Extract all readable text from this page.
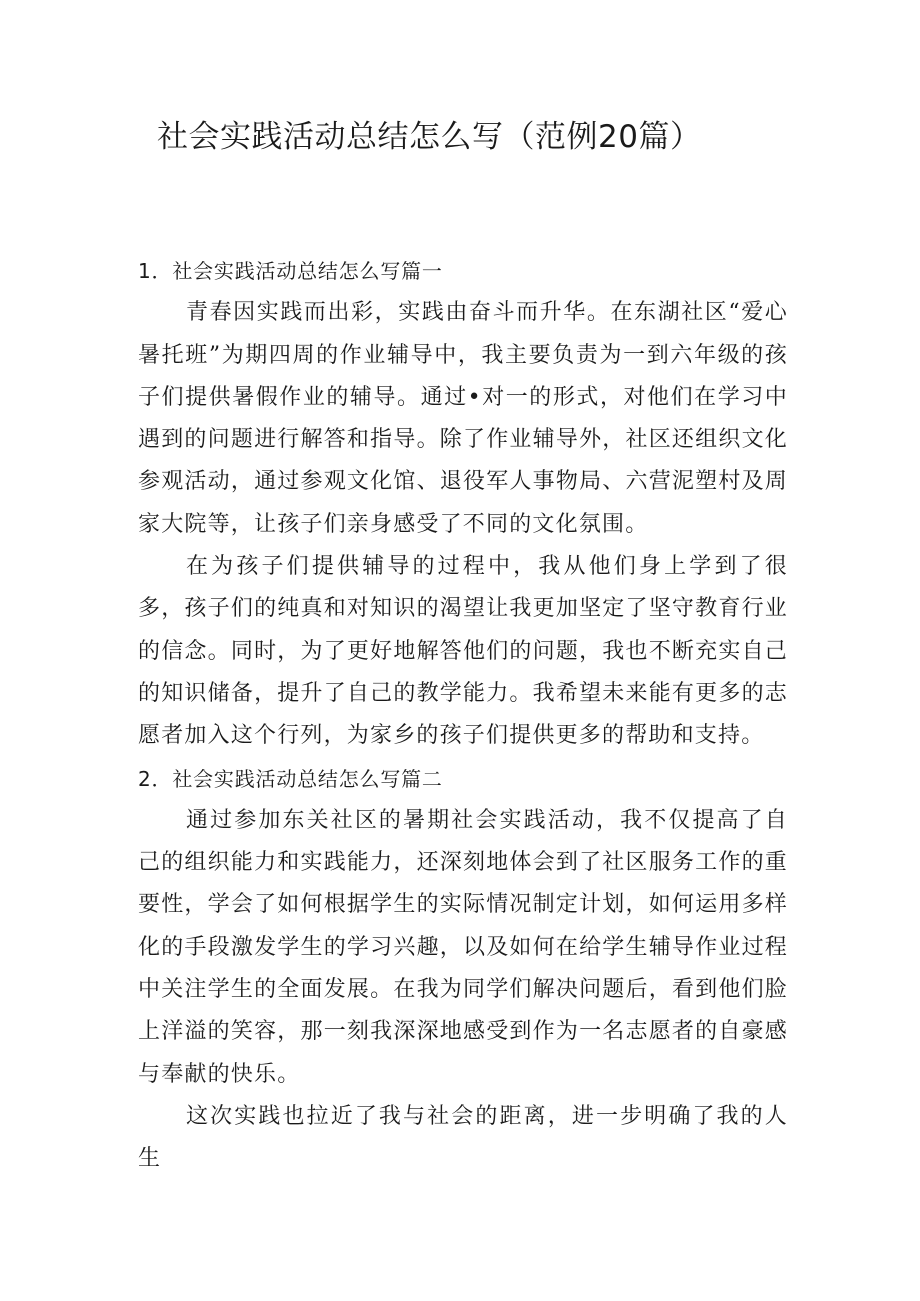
社会实践活动总结怎么写（范例20篇）

1．社会实践活动总结怎么写篇一

青春因实践而出彩，实践由奋斗而升华。在东湖社区“爱心暑托班”为期四周的作业辅导中，我主要负责为一到六年级的孩子们提供暑假作业的辅导。通过•对一的形式，对他们在学习中遇到的问题进行解答和指导。除了作业辅导外，社区还组织文化参观活动，通过参观文化馆、退役军人事物局、六营泥塑村及周家大院等，让孩子们亲身感受了不同的文化氛围。

在为孩子们提供辅导的过程中，我从他们身上学到了很多，孩子们的纯真和对知识的渴望让我更加坚定了坚守教育行业的信念。同时，为了更好地解答他们的问题，我也不断充实自己的知识储备，提升了自己的教学能力。我希望未来能有更多的志愿者加入这个行列，为家乡的孩子们提供更多的帮助和支持。

2．社会实践活动总结怎么写篇二

通过参加东关社区的暑期社会实践活动，我不仅提高了自己的组织能力和实践能力，还深刻地体会到了社区服务工作的重要性，学会了如何根据学生的实际情况制定计划，如何运用多样化的手段激发学生的学习兴趣，以及如何在给学生辅导作业过程中关注学生的全面发展。在我为同学们解决问题后，看到他们脸上洋溢的笑容，那一刻我深深地感受到作为一名志愿者的自豪感与奉献的快乐。

这次实践也拉近了我与社会的距离，进一步明确了我的人生
